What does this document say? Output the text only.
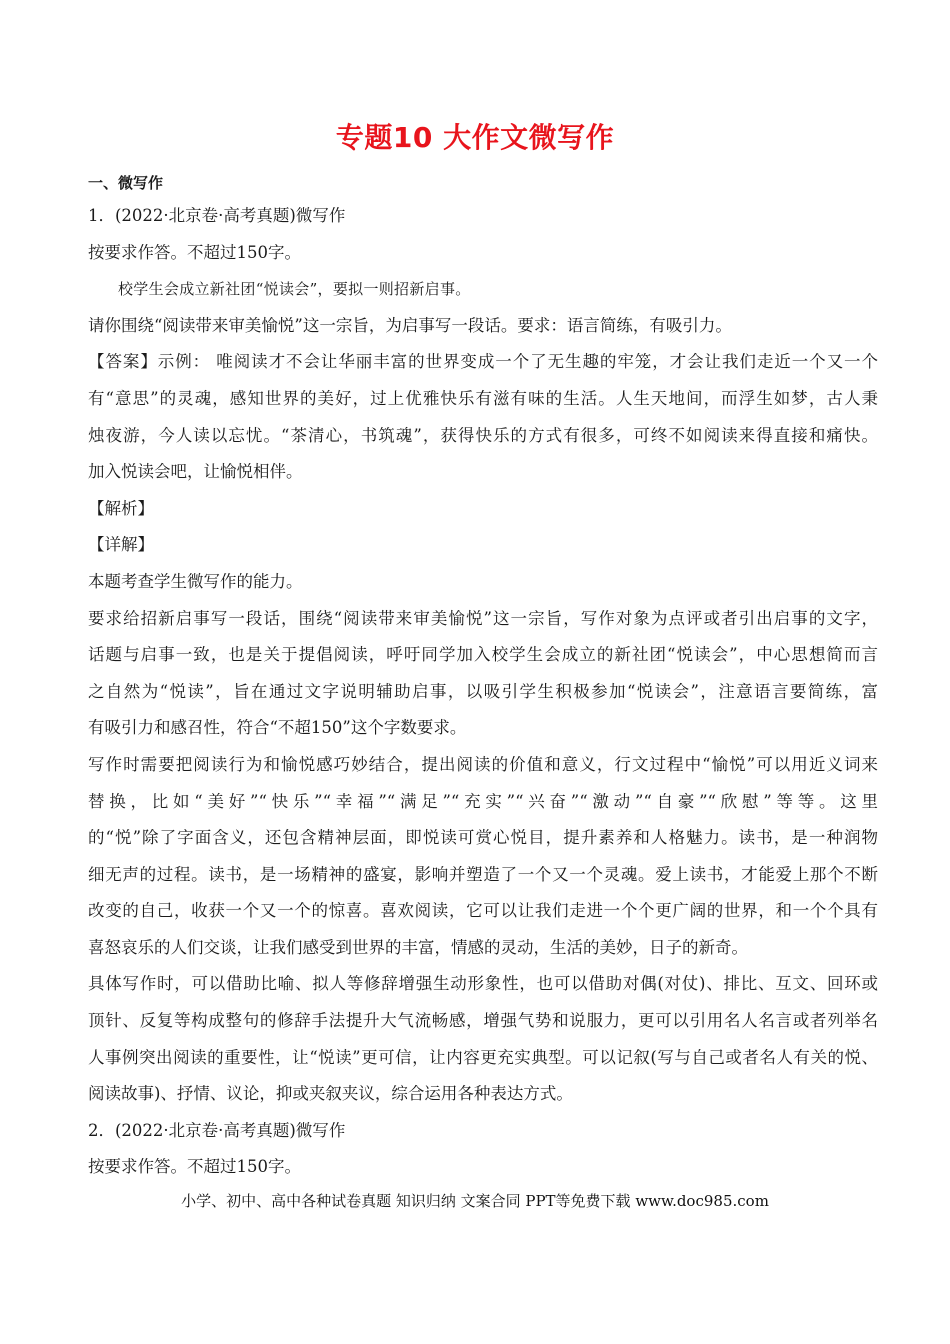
专题10 大作文微写作
一、微写作
1．(2022·北京卷·高考真题)微写作
按要求作答。不超过150字。
校学生会成立新社团“悦读会”，要拟一则招新启事。
请你围绕“阅读带来审美愉悦”这一宗旨，为启事写一段话。要求：语言简练，有吸引力。
【答案】示例： 唯阅读才不会让华丽丰富的世界变成一个了无生趣的牢笼，才会让我们走近一个又一个
有“意思”的灵魂，感知世界的美好，过上优雅快乐有滋有味的生活。人生天地间，而浮生如梦，古人秉
烛夜游，今人读以忘忧。“茶清心，书筑魂”，获得快乐的方式有很多，可终不如阅读来得直接和痛快。
加入悦读会吧，让愉悦相伴。
【解析】
【详解】
本题考查学生微写作的能力。
要求给招新启事写一段话，围绕“阅读带来审美愉悦”这一宗旨，写作对象为点评或者引出启事的文字，
话题与启事一致，也是关于提倡阅读，呼吁同学加入校学生会成立的新社团“悦读会”，中心思想简而言
之自然为“悦读”，旨在通过文字说明辅助启事，以吸引学生积极参加“悦读会”，注意语言要简练，富
有吸引力和感召性，符合“不超150”这个字数要求。
写作时需要把阅读行为和愉悦感巧妙结合，提出阅读的价值和意义，行文过程中“愉悦”可以用近义词来
替换，比如“美好”“快乐”“幸福”“满足”“充实”“兴奋”“激动”“自豪”“欣慰”等等。这里
的“悦”除了字面含义，还包含精神层面，即悦读可赏心悦目，提升素养和人格魅力。读书，是一种润物
细无声的过程。读书，是一场精神的盛宴，影响并塑造了一个又一个灵魂。爱上读书，才能爱上那个不断
改变的自己，收获一个又一个的惊喜。喜欢阅读，它可以让我们走进一个个更广阔的世界，和一个个具有
喜怒哀乐的人们交谈，让我们感受到世界的丰富，情感的灵动，生活的美妙，日子的新奇。
具体写作时，可以借助比喻、拟人等修辞增强生动形象性，也可以借助对偶(对仗)、排比、互文、回环或
顶针、反复等构成整句的修辞手法提升大气流畅感，增强气势和说服力，更可以引用名人名言或者列举名
人事例突出阅读的重要性，让“悦读”更可信，让内容更充实典型。可以记叙(写与自己或者名人有关的悦、
阅读故事)、抒情、议论，抑或夹叙夹议，综合运用各种表达方式。
2．(2022·北京卷·高考真题)微写作
按要求作答。不超过150字。
小学、初中、高中各种试卷真题 知识归纳 文案合同 PPT等免费下载 www.doc985.com
